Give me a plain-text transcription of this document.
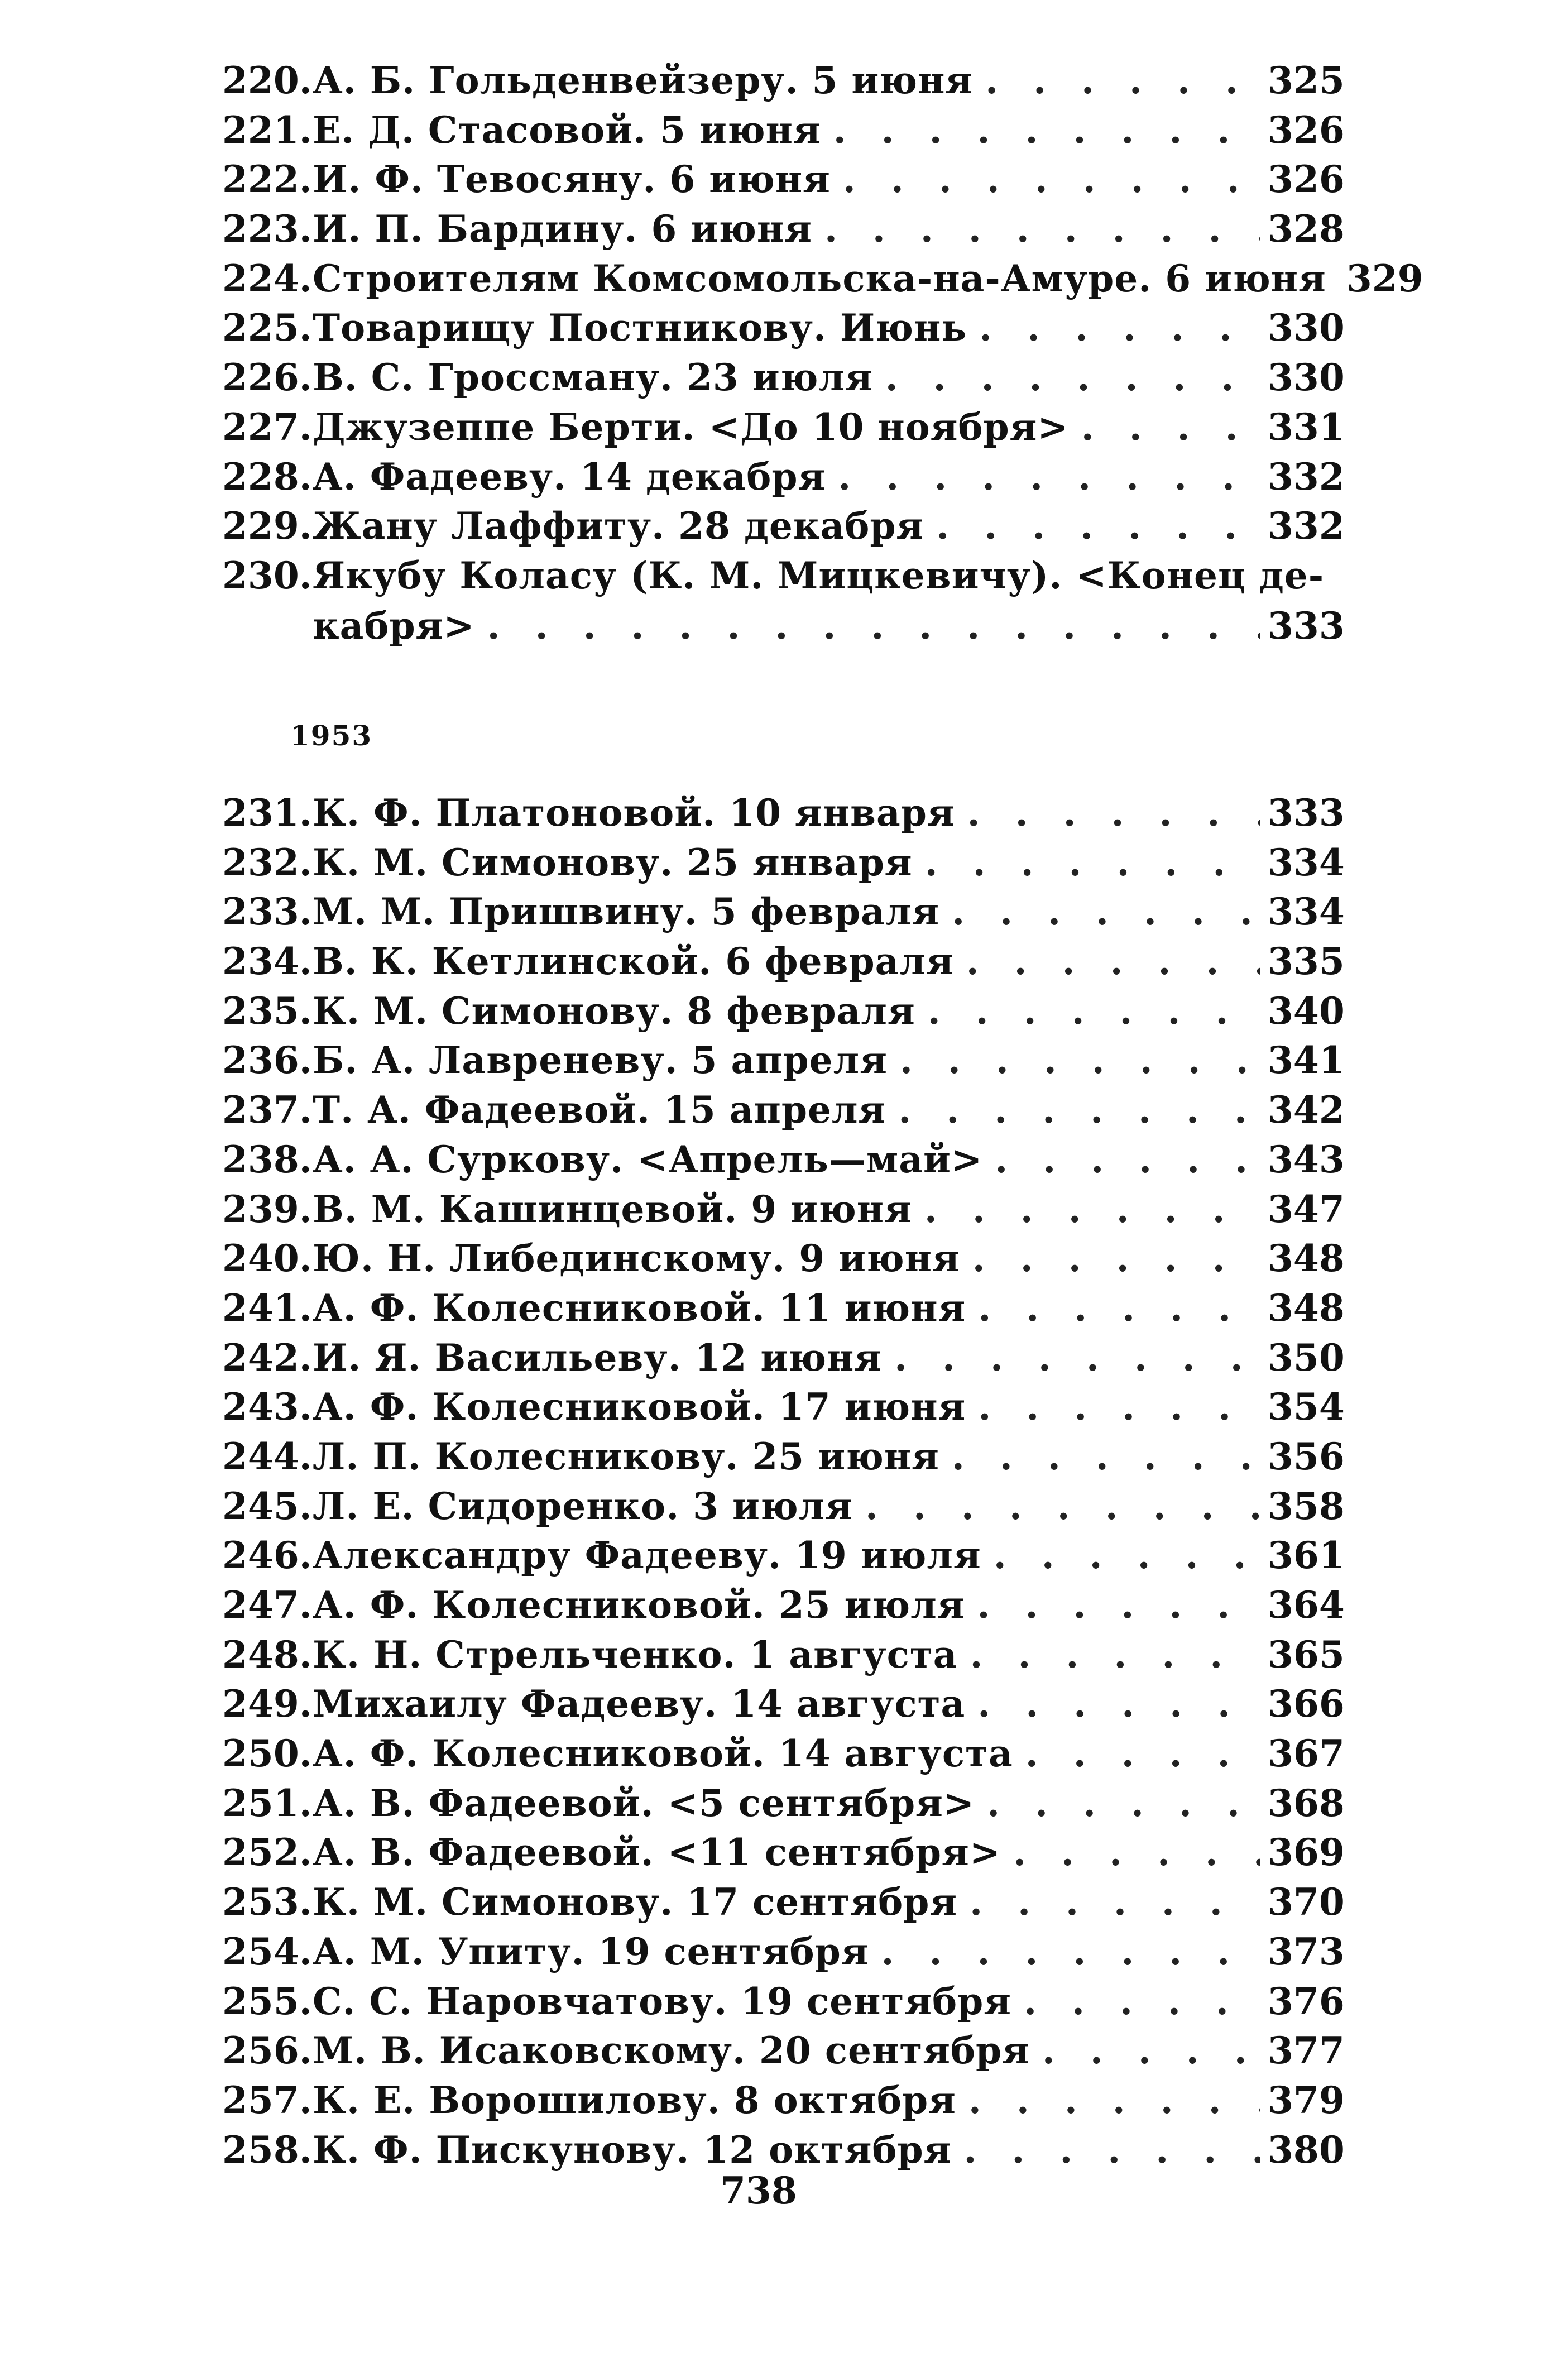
220. А. Б. Гольденвейзеру. 5 июня . . .	325
221. Е. Д. Стасовой. 5 июня . . .	326
222. И. Ф. Тевосяну. 6 июня . . .	326
223. И. П. Бардину. 6 июня . . .	328
224. Строителям Комсомольска-на-Амуре. 6 июня 329
225. Товарищу Постникову. Июнь . . .	330
226. В. С. Гроссману. 23 июля . . .	330
227. Джузеппе Берти. <До 10 ноября> . . .	331
228. А. Фадееву. 14 декабря . . .	332
229. Жану Лаффиту. 28 декабря . . .	332
230. Якубу Коласу (К. М. Мицкевичу). <Конец де-
кабря> . . .	333
1953
231. К. Ф. Платоновой. 10 января . . .	333
232. К. М. Симонову. 25 января . . .	334
233. М. М. Пришвину. 5 февраля . . .	334
234. В. К. Кетлинской. 6 февраля . . .	335
235. К. М. Симонову. 8 февраля . . .	340
236. Б. А. Лавреневу. 5 апреля . . .	341
237. Т. А. Фадеевой. 15 апреля . . .	342
238. А. А. Суркову. <Апрель—май> . . .	343
239. В. М. Кашинцевой. 9 июня . . .	347
240. Ю. Н. Либединскому. 9 июня . . .	348
241. А. Ф. Колесниковой. 11 июня . . .	348
242. И. Я. Васильеву. 12 июня . . .	350
243. А. Ф. Колесниковой. 17 июня . . .	354
244. Л. П. Колесникову. 25 июня . . .	356
245. Л. Е. Сидоренко. 3 июля . . .	358
246. Александру Фадееву. 19 июля . . .	361
247. А. Ф. Колесниковой. 25 июля . . .	364
248. К. Н. Стрельченко. 1 августа . . .	365
249. Михаилу Фадееву. 14 августа . . .	366
250. А. Ф. Колесниковой. 14 августа . . .	367
251. А. В. Фадеевой. <5 сентября> . . .	368
252. А. В. Фадеевой. <11 сентября> . . .	369
253. К. М. Симонову. 17 сентября . . .	370
254. А. М. Упиту. 19 сентября . . .	373
255. С. С. Наровчатову. 19 сентября . . .	376
256. М. В. Исаковскому. 20 сентября . . .	377
257. К. Е. Ворошилову. 8 октября . . .	379
258. К. Ф. Пискунову. 12 октября . . .	380
738
